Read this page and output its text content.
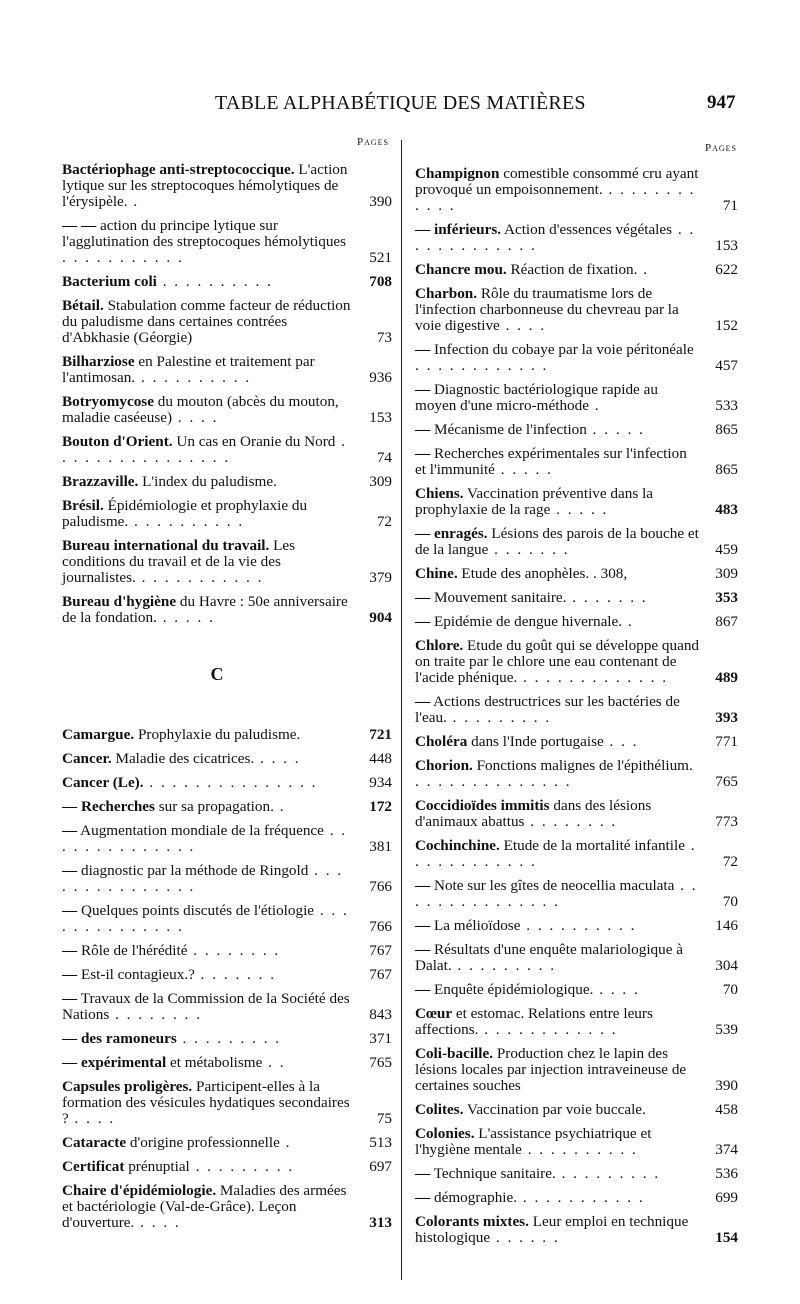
TABLE ALPHABÉTIQUE DES MATIÈRES	947
Pages
Bactériophage anti-streptococcique. L'action lytique sur les streptocoques hémolytiques de l'érysipèle. .	390
— — action du principe lytique sur l'agglutination des streptocoques hémolytiques . . . . . . . . . . .	521
Bacterium coli . . . . . . . . . .	708
Bétail. Stabulation comme facteur de réduction du paludisme dans certaines contrées d'Abkhasie (Géorgie)	73
Bilharziose en Palestine et traitement par l'antimosan. . . . . . . . . . .	936
Botryomycose du mouton (abcès du mouton, maladie caséeuse) . . . .	153
Bouton d'Orient. Un cas en Oranie du Nord . . . . . . . . . . . . . . . .	74
Brazzaville. L'index du paludisme.	309
Brésil. Épidémiologie et prophylaxie du paludisme. . . . . . . . . . .	72
Bureau international du travail. Les conditions du travail et de la vie des journalistes. . . . . . . . . . . .	379
Bureau d'hygiène du Havre : 50e anniversaire de la fondation. . . . . .	904
C
Camargue. Prophylaxie du paludisme.	721
Cancer. Maladie des cicatrices. . . . .	448
Cancer (Le). . . . . . . . . . . . . . . .	934
— Recherches sur sa propagation. .	172
— Augmentation mondiale de la fréquence . . . . . . . . . . . . . .	381
— diagnostic par la méthode de Ringold . . . . . . . . . . . . . . .	766
— Quelques points discutés de l'étiologie . . . . . . . . . . . . . .	766
— Rôle de l'hérédité . . . . . . . .	767
— Est-il contagieux.? . . . . . . .	767
— Travaux de la Commission de la Société des Nations . . . . . . . .	843
— des ramoneurs . . . . . . . . .	371
— expérimental et métabolisme . .	765
Capsules proligères. Participent-elles à la formation des vésicules hydatiques secondaires ? . . . .	75
Cataracte d'origine professionnelle .	513
Certificat prénuptial . . . . . . . . .	697
Chaire d'épidémiologie. Maladies des armées et bactériologie (Val-de-Grâce). Leçon d'ouverture. . . . .	313
Pages
Champignon comestible consommé cru ayant provoqué un empoisonnement. . . . . . . . . . . . .	71
— inférieurs. Action d'essences végétales . . . . . . . . . . . . .	153
Chancre mou. Réaction de fixation. .	622
Charbon. Rôle du traumatisme lors de l'infection charbonneuse du chevreau par la voie digestive . . . .	152
— Infection du cobaye par la voie péritonéale . . . . . . . . . . . .	457
— Diagnostic bactériologique rapide au moyen d'une micro-méthode .	533
— Mécanisme de l'infection . . . . .	865
— Recherches expérimentales sur l'infection et l'immunité . . . . .	865
Chiens. Vaccination préventive dans la prophylaxie de la rage . . . . .	483
— enragés. Lésions des parois de la bouche et de la langue . . . . . . .	459
Chine. Etude des anophèles. . 308,	309
— Mouvement sanitaire. . . . . . . .	353
— Epidémie de dengue hivernale. .	867
Chlore. Etude du goût qui se développe quand on traite par le chlore une eau contenant de l'acide phénique. . . . . . . . . . . . . .	489
— Actions destructrices sur les bactéries de l'eau. . . . . . . . . .	393
Choléra dans l'Inde portugaise . . .	771
Chorion. Fonctions malignes de l'épithélium. . . . . . . . . . . . . . .	765
Coccidioïdes immitis dans des lésions d'animaux abattus . . . . . . . .	773
Cochinchine. Etude de la mortalité infantile . . . . . . . . . . . .	72
— Note sur les gîtes de neocellia maculata . . . . . . . . . . . . . . .	70
— La mélioïdose . . . . . . . . . .	146
— Résultats d'une enquête malariologique à Dalat. . . . . . . . . .	304
— Enquête épidémiologique. . . . .	70
Cœur et estomac. Relations entre leurs affections. . . . . . . . . . . . .	539
Coli-bacille. Production chez le lapin des lésions locales par injection intraveineuse de certaines souches	390
Colites. Vaccination par voie buccale.	458
Colonies. L'assistance psychiatrique et l'hygiène mentale . . . . . . . . . .	374
— Technique sanitaire. . . . . . . . . .	536
— démographie. . . . . . . . . . . .	699
Colorants mixtes. Leur emploi en technique histologique . . . . . .	154
